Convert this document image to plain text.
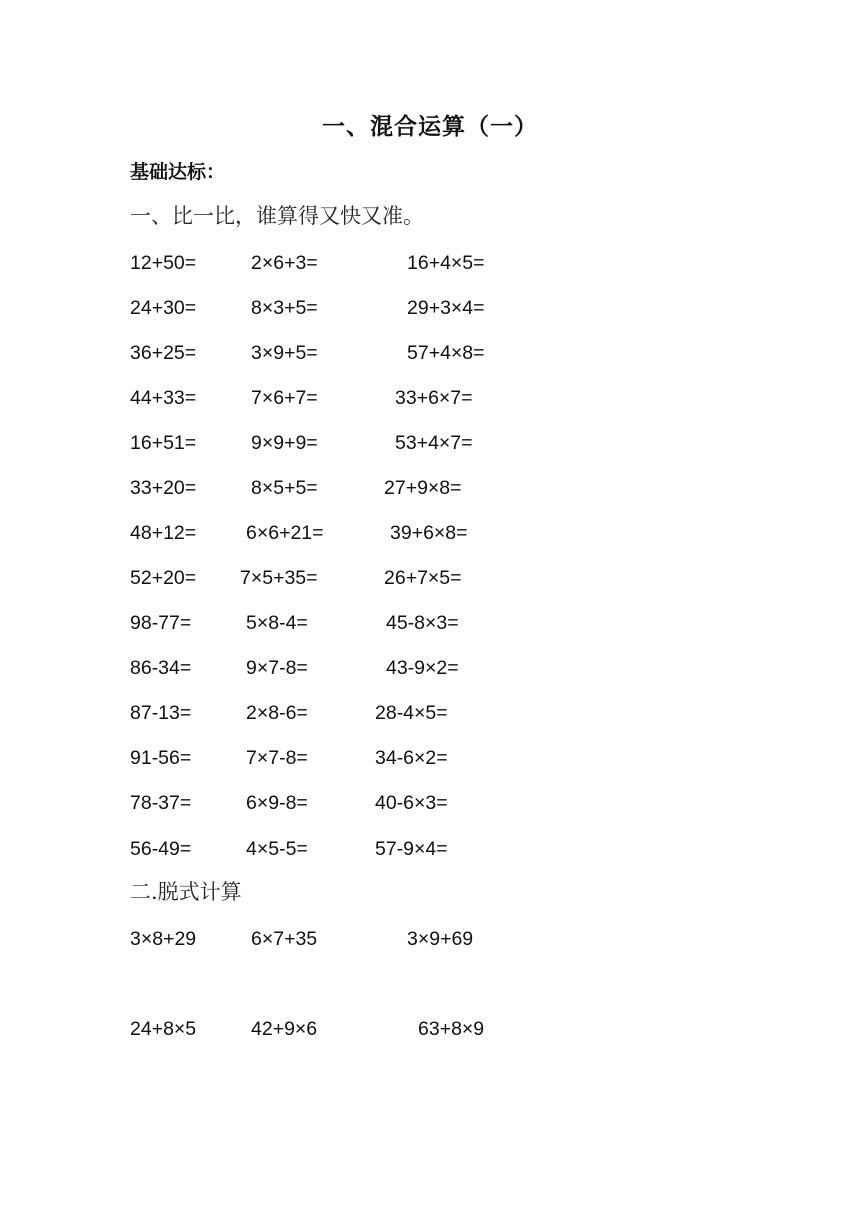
一、混合运算（一）
基础达标：
一、比一比，谁算得又快又准。
12+50=	2×6+3=	16+4×5=
24+30=	8×3+5=	29+3×4=
36+25=	3×9+5=	57+4×8=
44+33=	7×6+7=	33+6×7=
16+51=	9×9+9=	53+4×7=
33+20=	8×5+5=	27+9×8=
48+12=	6×6+21=	39+6×8=
52+20= 7×5+35=	26+7×5=
98-77=	5×8-4=	45-8×3=
86-34=	9×7-8=	43-9×2=
87-13=	2×8-6=	28-4×5=
91-56=	7×7-8=	34-6×2=
78-37=	6×9-8=	40-6×3=
56-49=	4×5-5=	57-9×4=
二.脱式计算
3×8+29	6×7+35	3×9+69
24+8×5	42+9×6	63+8×9
